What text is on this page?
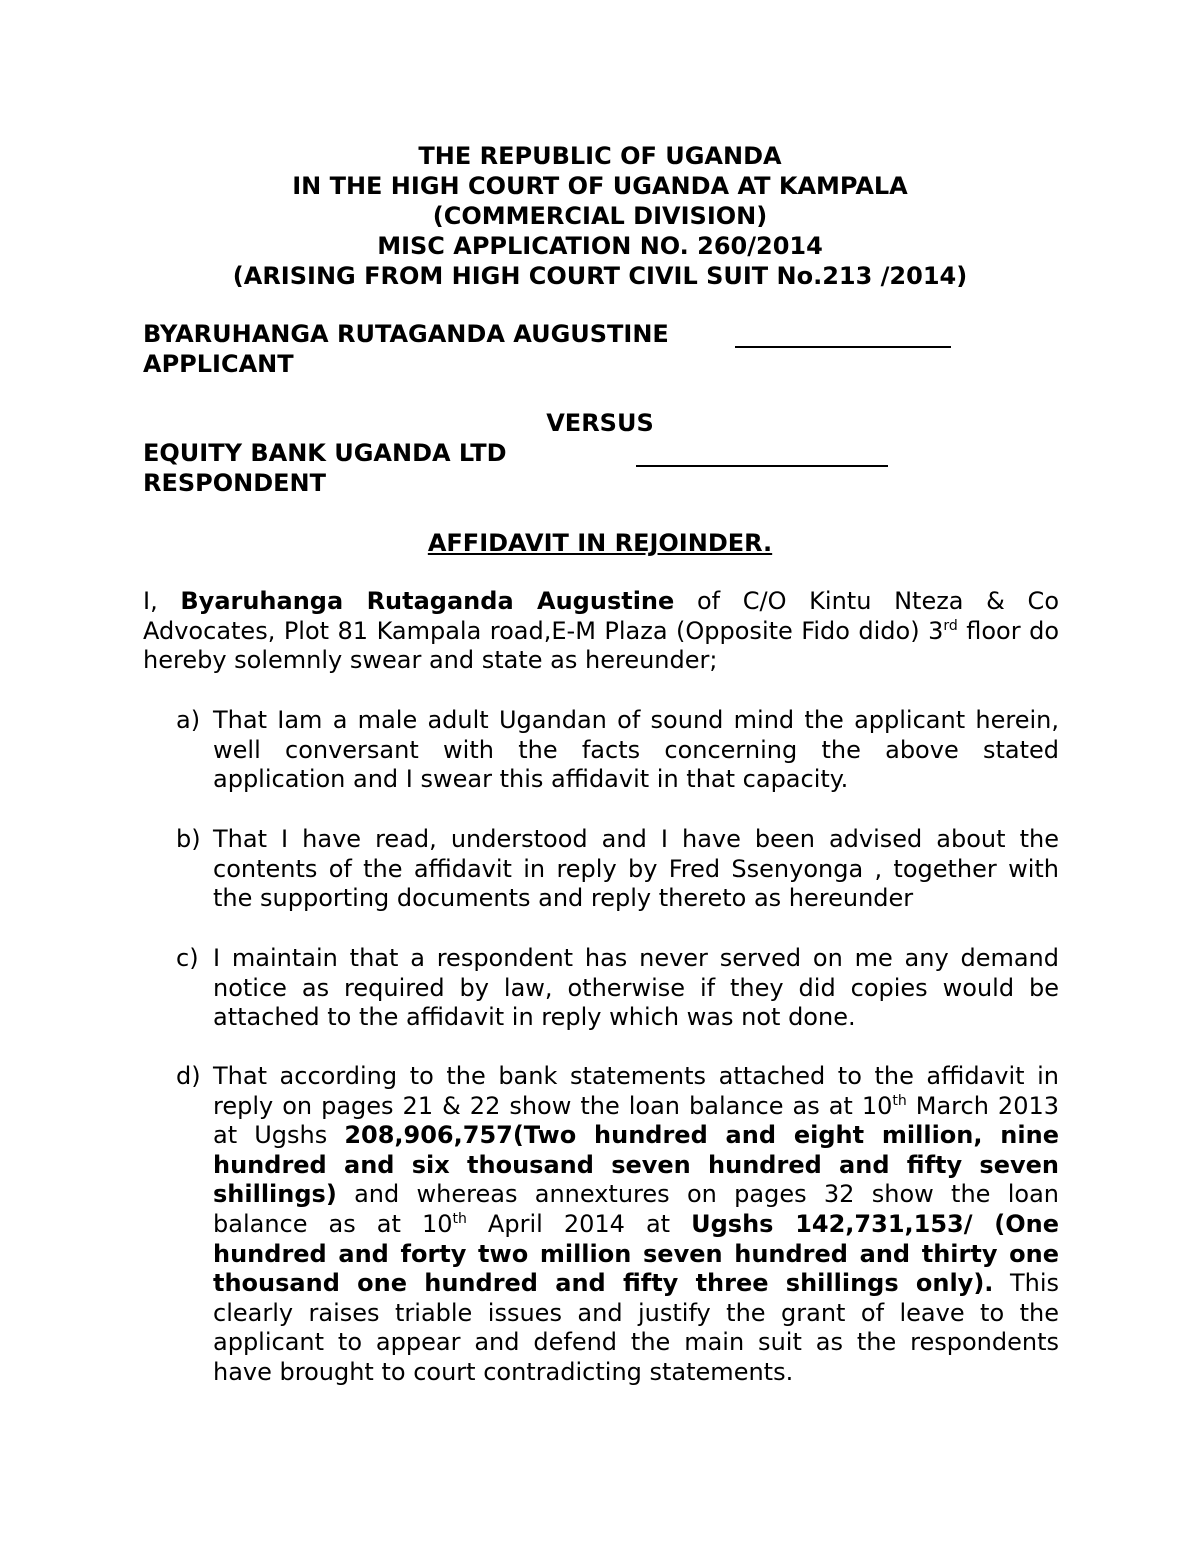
THE REPUBLIC OF UGANDA
IN THE HIGH COURT OF UGANDA AT KAMPALA
(COMMERCIAL DIVISION)
MISC APPLICATION NO. 260/2014
(ARISING FROM HIGH COURT CIVIL SUIT No.213 /2014)
BYARUHANGA RUTAGANDA AUGUSTINE
APPLICANT
VERSUS
EQUITY BANK UGANDA LTD
RESPONDENT
AFFIDAVIT IN REJOINDER.
I, Byaruhanga Rutaganda Augustine of C/O Kintu Nteza & Co Advocates, Plot 81 Kampala road,E-M Plaza (Opposite Fido dido) 3rd floor do hereby solemnly swear and state as hereunder;
a) That Iam a male adult Ugandan of sound mind the applicant herein, well conversant with the facts concerning the above stated application and I swear this affidavit in that capacity.
b) That I have read, understood and I have been advised about the contents of the affidavit in reply by Fred Ssenyonga , together with the supporting documents and reply thereto as hereunder
c) I maintain that a respondent has never served on me any demand notice as required by law, otherwise if they did copies would be attached to the affidavit in reply which was not done.
d) That according to the bank statements attached to the affidavit in reply on pages 21 & 22 show the loan balance as at 10th March 2013 at Ugshs 208,906,757(Two hundred and eight million, nine hundred and six thousand seven hundred and fifty seven shillings) and whereas annextures on pages 32 show the loan balance as at 10th April 2014 at Ugshs 142,731,153/ (One hundred and forty two million seven hundred and thirty one thousand one hundred and fifty three shillings only). This clearly raises triable issues and justify the grant of leave to the applicant to appear and defend the main suit as the respondents have brought to court contradicting statements.
